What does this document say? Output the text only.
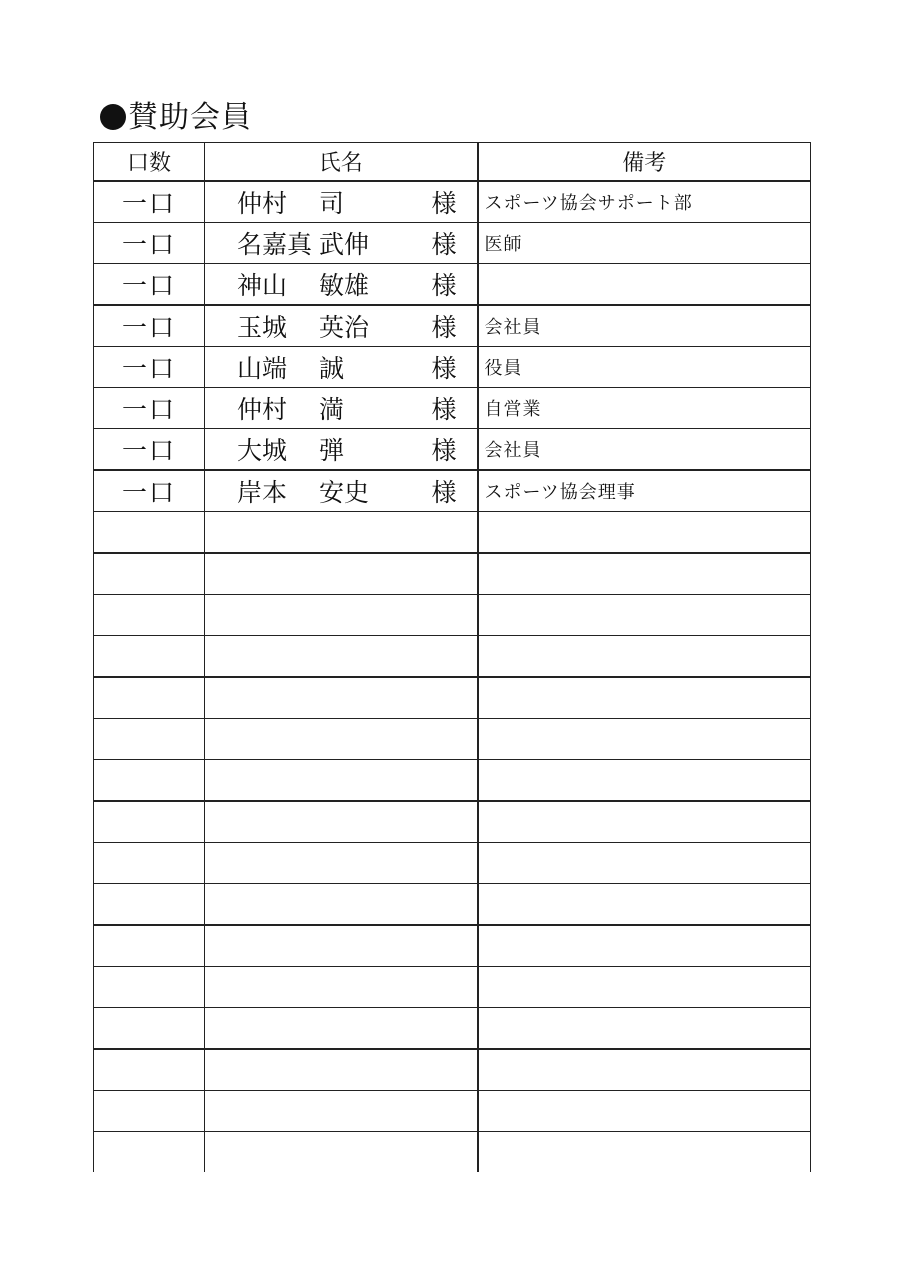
賛助会員
口数	氏名	備考
一口	仲村 司 様	スポーツ協会サポート部
一口	名嘉真 武伸 様	医師
一口	神山 敏雄 様	

一口	玉城 英治 様	会社員
一口	山端 誠 様	役員
一口	仲村 満 様	自営業
一口	大城 弾 様	会社員
一口	岸本 安史 様	スポーツ協会理事
